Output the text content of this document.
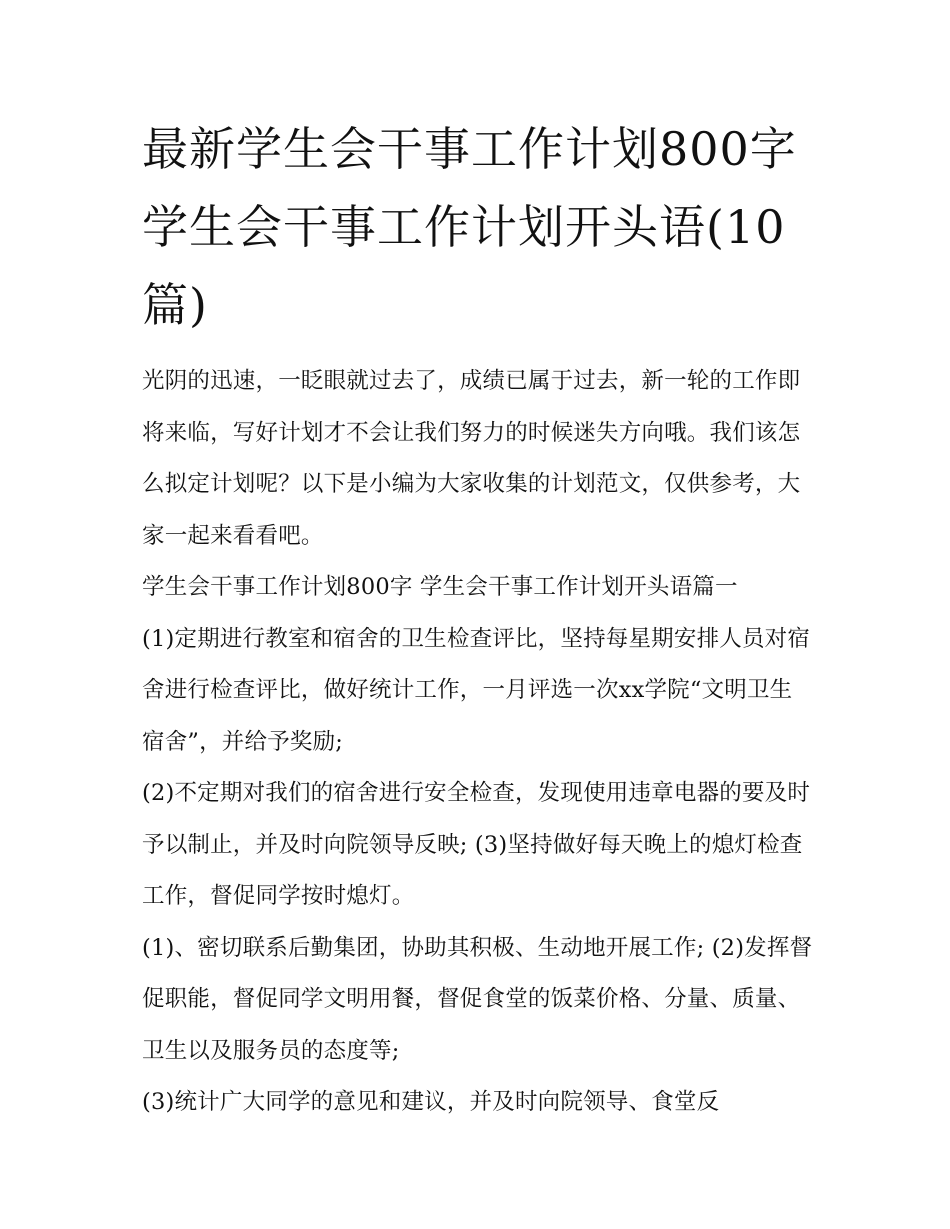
最新学生会干事工作计划800字 学生会干事工作计划开头语(10篇)

光阴的迅速，一眨眼就过去了，成绩已属于过去，新一轮的工作即将来临，写好计划才不会让我们努力的时候迷失方向哦。我们该怎么拟定计划呢？以下是小编为大家收集的计划范文，仅供参考，大家一起来看看吧。

学生会干事工作计划800字 学生会干事工作计划开头语篇一

(1)定期进行教室和宿舍的卫生检查评比，坚持每星期安排人员对宿舍进行检查评比，做好统计工作，一月评选一次xx学院“文明卫生宿舍”，并给予奖励;

(2)不定期对我们的宿舍进行安全检查，发现使用违章电器的要及时予以制止，并及时向院领导反映; (3)坚持做好每天晚上的熄灯检查工作，督促同学按时熄灯。

(1)、密切联系后勤集团，协助其积极、生动地开展工作; (2)发挥督促职能，督促同学文明用餐，督促食堂的饭菜价格、分量、质量、卫生以及服务员的态度等;

(3)统计广大同学的意见和建议，并及时向院领导、食堂反
